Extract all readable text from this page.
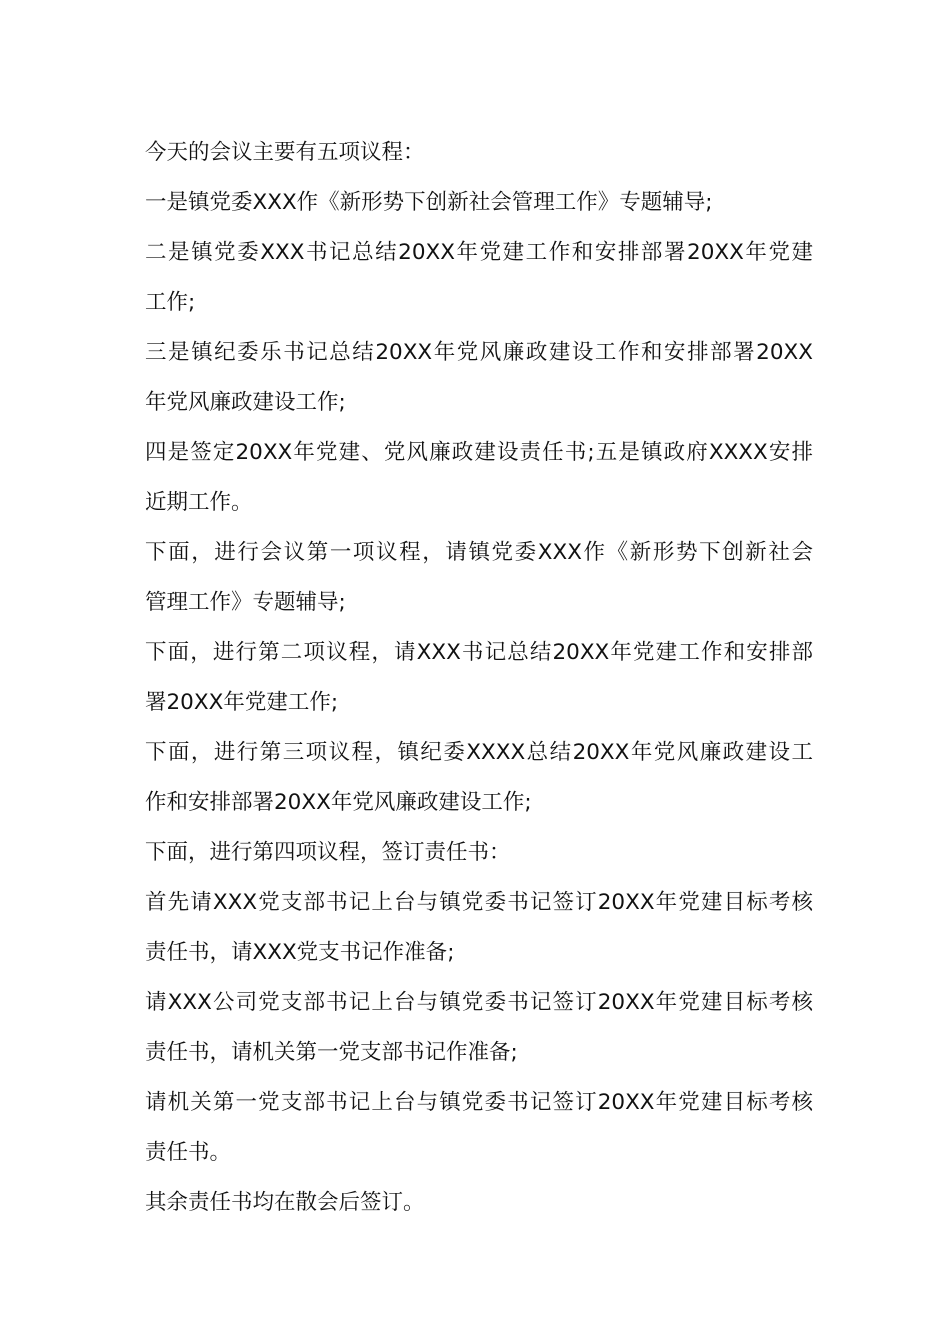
今天的会议主要有五项议程：
一是镇党委XXX作《新形势下创新社会管理工作》专题辅导;
二是镇党委XXX书记总结20XX年党建工作和安排部署20XX年党建
工作;
三是镇纪委乐书记总结20XX年党风廉政建设工作和安排部署20XX
年党风廉政建设工作;
四是签定20XX年党建、党风廉政建设责任书;五是镇政府XXXX安排
近期工作。
下面，进行会议第一项议程，请镇党委XXX作《新形势下创新社会
管理工作》专题辅导;
下面，进行第二项议程，请XXX书记总结20XX年党建工作和安排部
署20XX年党建工作;
下面，进行第三项议程，镇纪委XXXX总结20XX年党风廉政建设工
作和安排部署20XX年党风廉政建设工作;
下面，进行第四项议程，签订责任书：
首先请XXX党支部书记上台与镇党委书记签订20XX年党建目标考核
责任书，请XXX党支书记作准备;
请XXX公司党支部书记上台与镇党委书记签订20XX年党建目标考核
责任书，请机关第一党支部书记作准备;
请机关第一党支部书记上台与镇党委书记签订20XX年党建目标考核
责任书。
其余责任书均在散会后签订。
